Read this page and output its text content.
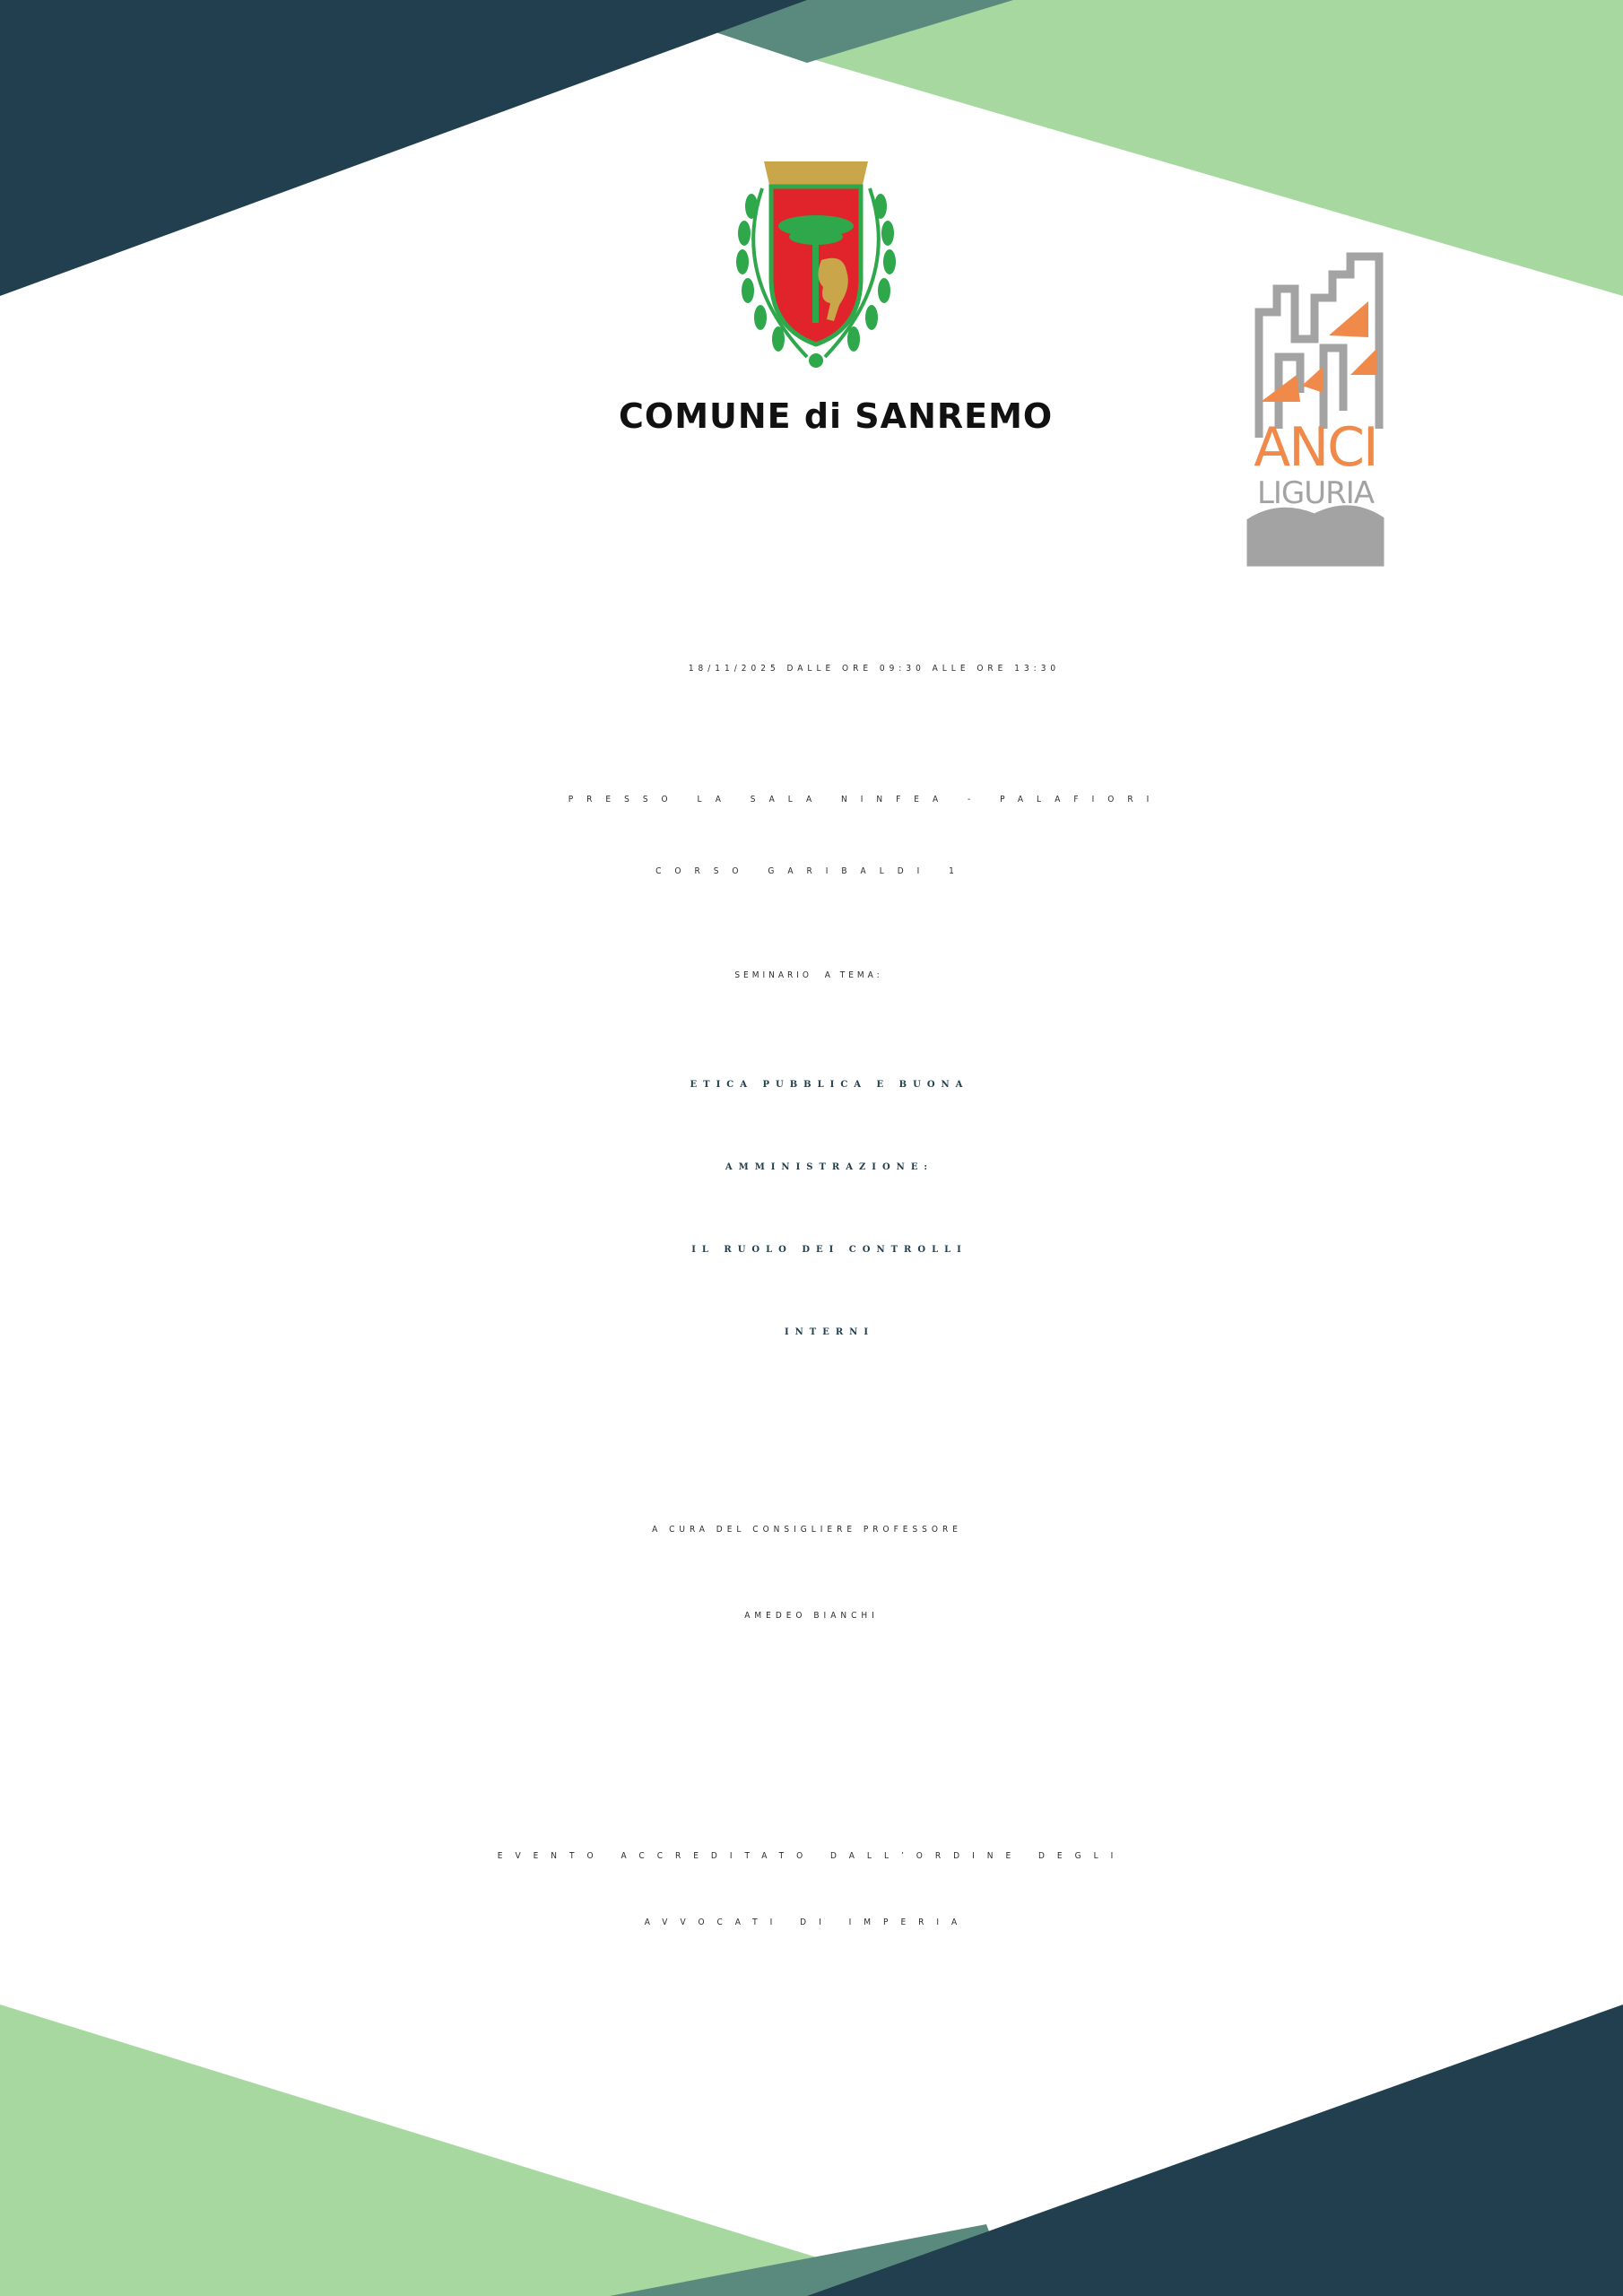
COMUNE di SANREMO	ANCI
LIGURIA
18/11/2025 DALLE ORE 09:30 ALLE ORE 13:30
PRESSO LA SALA NINFEA - PALAFIORI
CORSO GARIBALDI 1
SEMINARIO  A TEMA:
ETICA PUBBLICA E BUONA
AMMINISTRAZIONE:
IL RUOLO DEI CONTROLLI
INTERNI
A CURA DEL CONSIGLIERE PROFESSORE
AMEDEO BIANCHI
EVENTO ACCREDITATO DALL’ORDINE DEGLI
AVVOCATI DI IMPERIA
